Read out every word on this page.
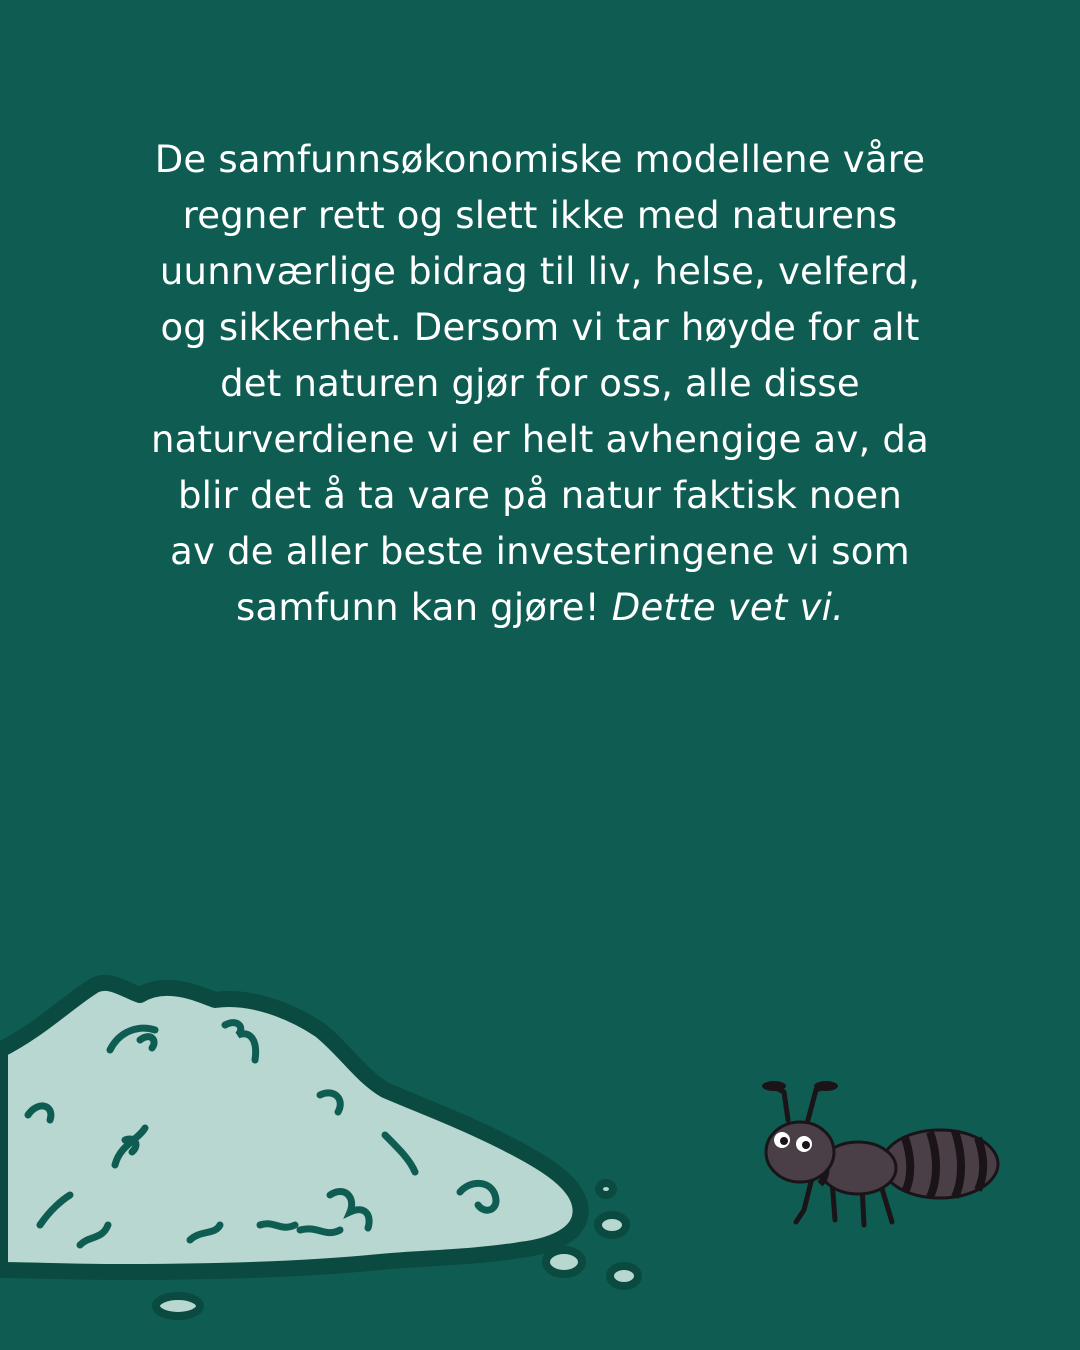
De samfunnsøkonomiske modellene våre regner rett og slett ikke med naturens uunnværlige bidrag til liv, helse, velferd, og sikkerhet. Dersom vi tar høyde for alt det naturen gjør for oss, alle disse naturverdiene vi er helt avhengige av, da blir det å ta vare på natur faktisk noen av de aller beste investeringene vi som samfunn kan gjøre! Dette vet vi.
